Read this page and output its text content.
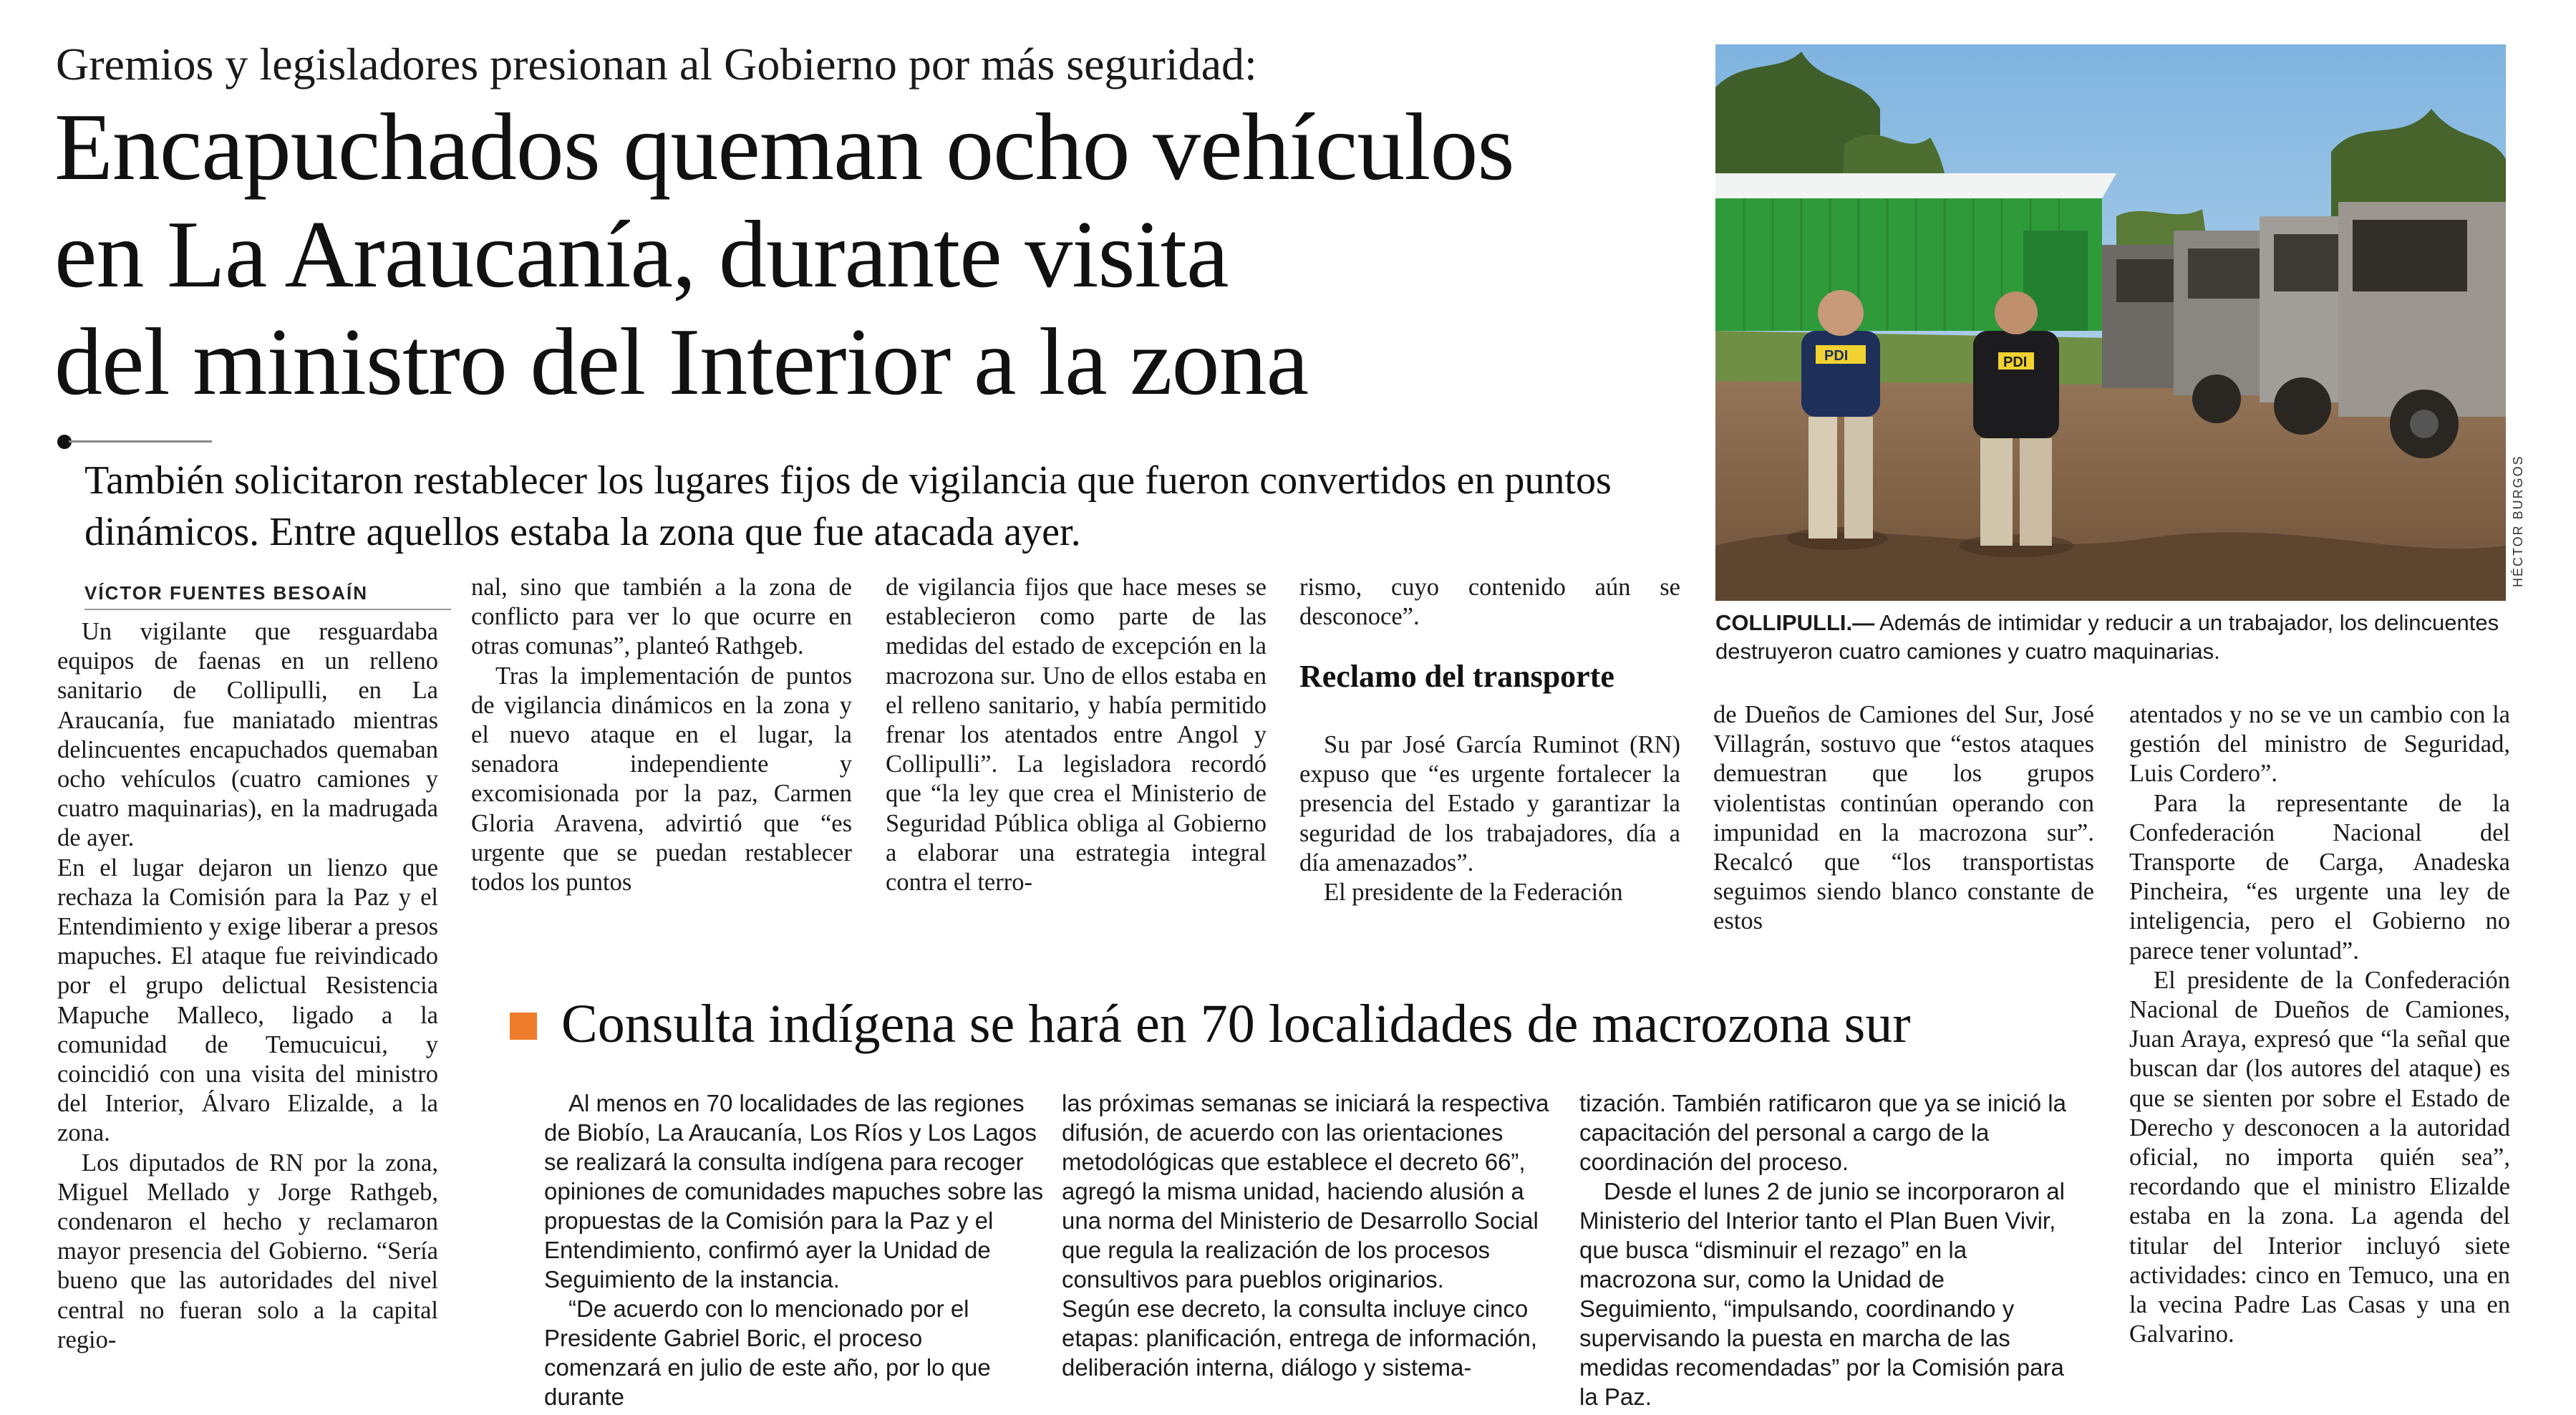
Gremios y legisladores presionan al Gobierno por más seguridad:
Encapuchados queman ocho vehículos
en La Araucanía, durante visita
del ministro del Interior a la zona
También solicitaron restablecer los lugares fijos de vigilancia que fueron convertidos en puntos dinámicos. Entre aquellos estaba la zona que fue atacada ayer.
VÍCTOR FUENTES BESOAÍN

Un vigilante que resguardaba equipos de faenas en un relleno sanitario de Collipulli, en La Araucanía, fue maniatado mientras delincuentes encapuchados quemaban ocho vehículos (cuatro camiones y cuatro maquinarias), en la madrugada de ayer.

En el lugar dejaron un lienzo que rechaza la Comisión para la Paz y el Entendimiento y exige liberar a presos mapuches. El ataque fue reivindicado por el grupo delictual Resistencia Mapuche Malleco, ligado a la comunidad de Temucuicui, y coincidió con una visita del ministro del Interior, Álvaro Elizalde, a la zona.

Los diputados de RN por la zona, Miguel Mellado y Jorge Rathgeb, condenaron el hecho y reclamaron mayor presencia del Gobierno. “Sería bueno que las autoridades del nivel central no fueran solo a la capital regio-

nal, sino que también a la zona de conflicto para ver lo que ocurre en otras comunas”, planteó Rathgeb.

Tras la implementación de puntos de vigilancia dinámicos en la zona y el nuevo ataque en el lugar, la senadora independiente y excomisionada por la paz, Carmen Gloria Aravena, advirtió que “es urgente que se puedan restablecer todos los puntos

de vigilancia fijos que hace meses se establecieron como parte de las medidas del estado de excepción en la macrozona sur. Uno de ellos estaba en el relleno sanitario, y había permitido frenar los atentados entre Angol y Collipulli”. La legisladora recordó que “la ley que crea el Ministerio de Seguridad Pública obliga al Gobierno a elaborar una estrategia integral contra el terro-

rismo, cuyo contenido aún se desconoce”.

Reclamo del transporte

Su par José García Ruminot (RN) expuso que “es urgente fortalecer la presencia del Estado y garantizar la seguridad de los trabajadores, día a día amenazados”.

El presidente de la Federación

de Dueños de Camiones del Sur, José Villagrán, sostuvo que “estos ataques demuestran que los grupos violentistas continúan operando con impunidad en la macrozona sur”. Recalcó que “los transportistas seguimos siendo blanco constante de estos

atentados y no se ve un cambio con la gestión del ministro de Seguridad, Luis Cordero”.

Para la representante de la Confederación Nacional del Transporte de Carga, Anadeska Pincheira, “es urgente una ley de inteligencia, pero el Gobierno no parece tener voluntad”.

El presidente de la Confederación Nacional de Dueños de Camiones, Juan Araya, expresó que “la señal que buscan dar (los autores del ataque) es que se sienten por sobre el Estado de Derecho y desconocen a la autoridad oficial, no importa quién sea”, recordando que el ministro Elizalde estaba en la zona. La agenda del titular del Interior incluyó siete actividades: cinco en Temuco, una en la vecina Padre Las Casas y una en Galvarino.

PDI	PDI
HÉCTOR BURGOS
COLLIPULLI.— Además de intimidar y reducir a un trabajador, los delincuentes destruyeron cuatro camiones y cuatro maquinarias.
Consulta indígena se hará en 70 localidades de macrozona sur

Al menos en 70 localidades de las regiones de Biobío, La Araucanía, Los Ríos y Los Lagos se realizará la consulta indígena para recoger opiniones de comunidades mapuches sobre las propuestas de la Comisión para la Paz y el Entendimiento, confirmó ayer la Unidad de Seguimiento de la instancia.

“De acuerdo con lo mencionado por el Presidente Gabriel Boric, el proceso comenzará en julio de este año, por lo que durante

las próximas semanas se iniciará la respectiva difusión, de acuerdo con las orientaciones metodológicas que establece el decreto 66”, agregó la misma unidad, haciendo alusión a una norma del Ministerio de Desarrollo Social que regula la realización de los procesos consultivos para pueblos originarios.

Según ese decreto, la consulta incluye cinco etapas: planificación, entrega de información, deliberación interna, diálogo y sistema-

tización. También ratificaron que ya se inició la capacitación del personal a cargo de la coordinación del proceso.

Desde el lunes 2 de junio se incorporaron al Ministerio del Interior tanto el Plan Buen Vivir, que busca “disminuir el rezago” en la macrozona sur, como la Unidad de Seguimiento, “impulsando, coordinando y supervisando la puesta en marcha de las medidas recomendadas” por la Comisión para la Paz.
